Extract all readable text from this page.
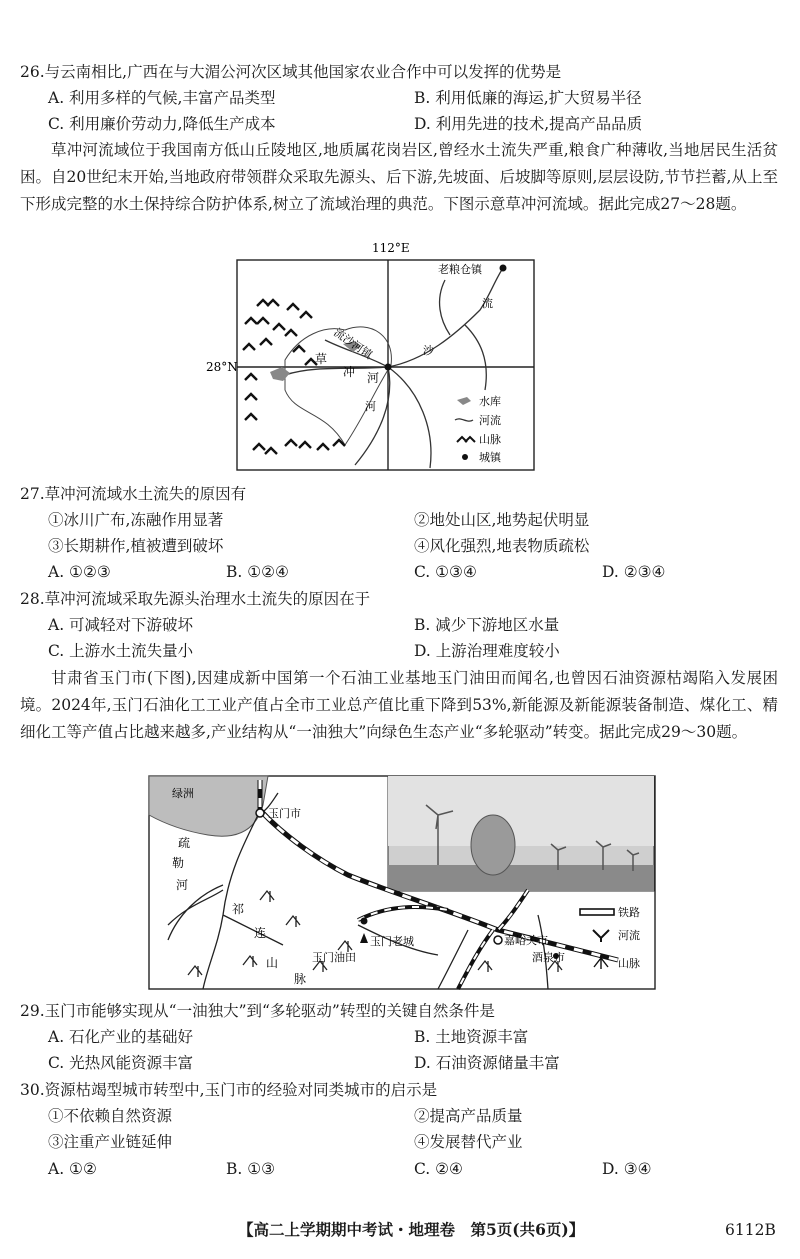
26.与云南相比,广西在与大湄公河次区域其他国家农业合作中可以发挥的优势是
A. 利用多样的气候,丰富产品类型	B. 利用低廉的海运,扩大贸易半径
C. 利用廉价劳动力,降低生产成本	D. 利用先进的技术,提高产品品质
草冲河流域位于我国南方低山丘陵地区,地质属花岗岩区,曾经水土流失严重,粮食广种薄收,当地居民生活贫困。自20世纪末开始,当地政府带领群众采取先源头、后下游,先坡面、后坡脚等原则,层层设防,节节拦蓄,从上至下形成完整的水土保持综合防护体系,树立了流域治理的典范。下图示意草冲河流域。据此完成27～28题。
112°E
28°N
老粮仓镇
流沙河镇
流
沙
河
草
冲 河
水库
河流
山脉
城镇
27.草冲河流域水土流失的原因有
①冰川广布,冻融作用显著	②地处山区,地势起伏明显
③长期耕作,植被遭到破坏	④风化强烈,地表物质疏松
A. ①②③	B. ①②④	C. ①③④	D. ②③④
28.草冲河流域采取先源头治理水土流失的原因在于
A. 可减轻对下游破坏	B. 减少下游地区水量
C. 上游水土流失量小	D. 上游治理难度较小
甘肃省玉门市(下图),因建成新中国第一个石油工业基地玉门油田而闻名,也曾因石油资源枯竭陷入发展困境。2024年,玉门石油化工工业产值占全市工业总产值比重下降到53%,新能源及新能源装备制造、煤化工、精细化工等产值占比越来越多,产业结构从“一油独大”向绿色生态产业“多轮驱动”转变。据此完成29～30题。
绿洲
玉门市
玉门老城
玉门油田
嘉峪关市
酒泉市
疏
勒
河
祁
连
山
脉
铁路
河流
山脉
29.玉门市能够实现从“一油独大”到“多轮驱动”转型的关键自然条件是
A. 石化产业的基础好	B. 土地资源丰富
C. 光热风能资源丰富	D. 石油资源储量丰富
30.资源枯竭型城市转型中,玉门市的经验对同类城市的启示是
①不依赖自然资源	②提高产品质量
③注重产业链延伸	④发展替代产业
A. ①②	B. ①③	C. ②④	D. ③④
【高二上学期期中考试・地理卷　第5页(共6页)】	6112B
